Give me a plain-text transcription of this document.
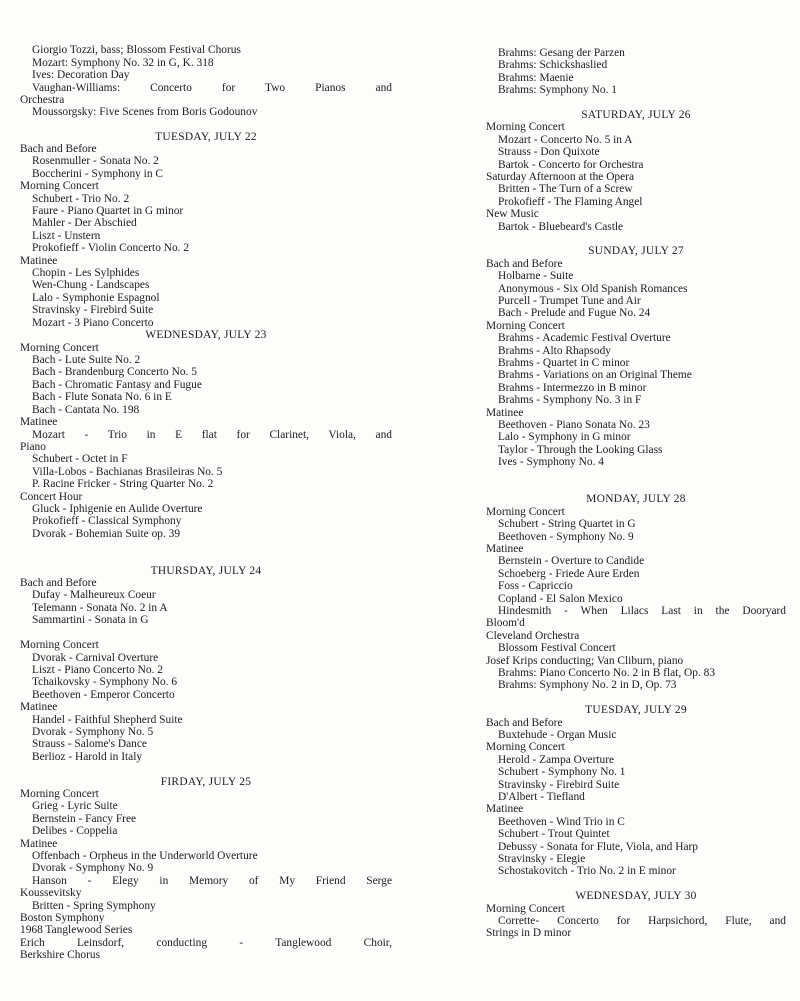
Giorgio Tozzi, bass; Blossom Festival Chorus
Mozart: Symphony No. 32 in G, K. 318
Ives: Decoration Day
Vaughan-Williams: Concerto for Two Pianos and
Orchestra
Moussorgsky: Five Scenes from Boris Godounov
TUESDAY, JULY 22
Bach and Before
Rosenmuller - Sonata No. 2
Boccherini - Symphony in C
Morning Concert
Schubert - Trio No. 2
Faure - Piano Quartet in G minor
Mahler - Der Abschied
Liszt - Unstern
Prokofieff - Violin Concerto No. 2
Matinee
Chopin - Les Sylphides
Wen-Chung - Landscapes
Lalo - Symphonie Espagnol
Stravinsky - Firebird Suite
Mozart - 3 Piano Concerto
WEDNESDAY, JULY 23
Morning Concert
Bach - Lute Suite No. 2
Bach - Brandenburg Concerto No. 5
Bach - Chromatic Fantasy and Fugue
Bach - Flute Sonata No. 6 in E
Bach - Cantata No. 198
Matinee
Mozart - Trio in E flat for Clarinet, Viola, and
Piano
Schubert - Octet in F
Villa-Lobos - Bachianas Brasileiras No. 5
P. Racine Fricker - String Quarter No. 2
Concert Hour
Gluck - Iphigenie en Aulide Overture
Prokofieff - Classical Symphony
Dvorak - Bohemian Suite op. 39
THURSDAY, JULY 24
Bach and Before
Dufay - Malheureux Coeur
Telemann - Sonata No. 2 in A
Sammartini - Sonata in G
Morning Concert
Dvorak - Carnival Overture
Liszt - Piano Concerto No. 2
Tchaikovsky - Symphony No. 6
Beethoven - Emperor Concerto
Matinee
Handel - Faithful Shepherd Suite
Dvorak - Symphony No. 5
Strauss - Salome's Dance
Berlioz - Harold in Italy
FIRDAY, JULY 25
Morning Concert
Grieg - Lyric Suite
Bernstein - Fancy Free
Delibes - Coppelia
Matinee
Offenbach - Orpheus in the Underworld Overture
Dvorak - Symphony No. 9
Hanson - Elegy in Memory of My Friend Serge
Koussevitsky
Britten - Spring Symphony
Boston Symphony
1968 Tanglewood Series
Erich Leinsdorf, conducting - Tanglewood Choir,
Berkshire Chorus
Brahms: Gesang der Parzen
Brahms: Schickshaslied
Brahms: Maenie
Brahms: Symphony No. 1
SATURDAY, JULY 26
Morning Concert
Mozart - Concerto No. 5 in A
Strauss - Don Quixote
Bartok - Concerto for Orchestra
Saturday Afternoon at the Opera
Britten - The Turn of a Screw
Prokofieff - The Flaming Angel
New Music
Bartok - Bluebeard's Castle
SUNDAY, JULY 27
Bach and Before
Holbarne - Suite
Anonymous - Six Old Spanish Romances
Purcell - Trumpet Tune and Air
Bach - Prelude and Fugue No. 24
Morning Concert
Brahms - Academic Festival Overture
Brahms - Alto Rhapsody
Brahms - Quartet in C minor
Brahms - Variations on an Original Theme
Brahms - Intermezzo in B minor
Brahms - Symphony No. 3 in F
Matinee
Beethoven - Piano Sonata No. 23
Lalo - Symphony in G minor
Taylor - Through the Looking Glass
Ives - Symphony No. 4
MONDAY, JULY 28
Morning Concert
Schubert - String Quartet in G
Beethoven - Symphony No. 9
Matinee
Bernstein - Overture to Candide
Schoeberg - Friede Aure Erden
Foss - Capriccio
Copland - El Salon Mexico
Hindesmith - When Lilacs Last in the Dooryard
Bloom'd
Cleveland Orchestra
Blossom Festival Concert
Josef Krips conducting; Van Cliburn, piano
Brahms: Piano Concerto No. 2 in B flat, Op. 83
Brahms: Symphony No. 2 in D, Op. 73
TUESDAY, JULY 29
Bach and Before
Buxtehude - Organ Music
Morning Concert
Herold - Zampa Overture
Schubert - Symphony No. 1
Stravinsky - Firebird Suite
D'Albert - Tiefland
Matinee
Beethoven - Wind Trio in C
Schubert - Trout Quintet
Debussy - Sonata for Flute, Viola, and Harp
Stravinsky - Elegie
Schostakovitch - Trio No. 2 in E minor
WEDNESDAY, JULY 30
Morning Concert
Corrette- Concerto for Harpsichord, Flute, and
Strings in D minor
